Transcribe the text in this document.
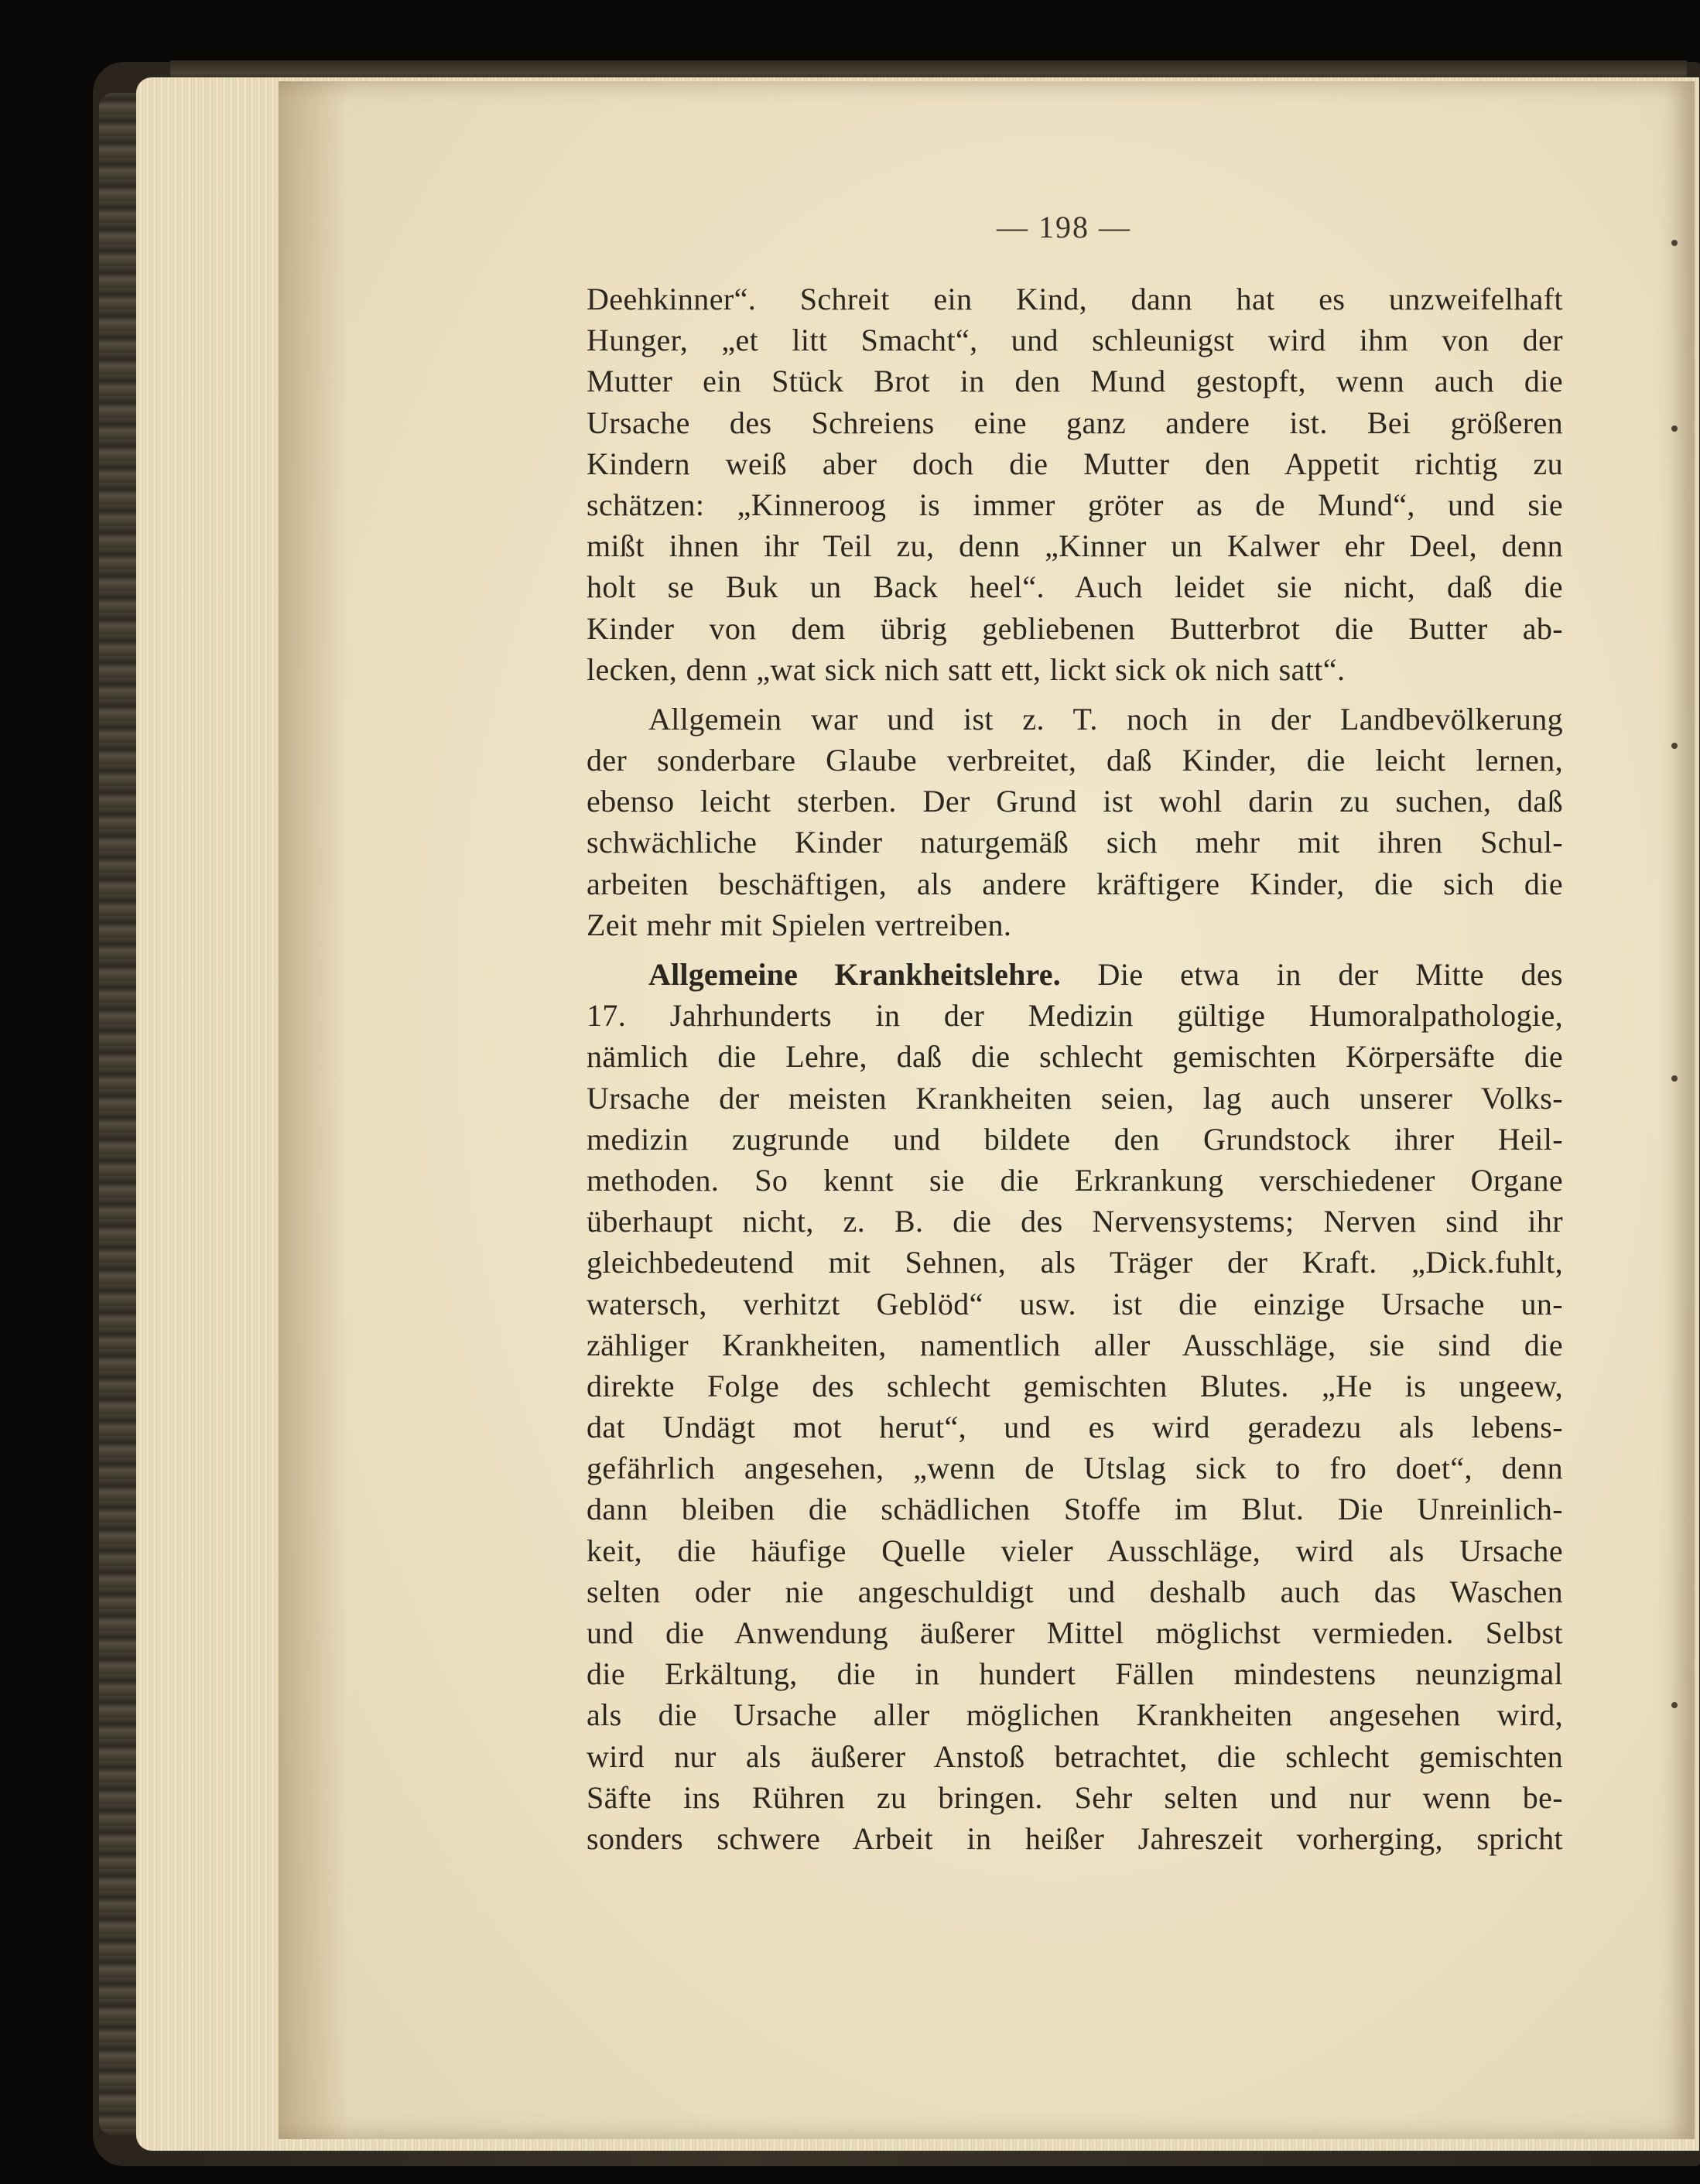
— 198 —
Deehkinner“. Schreit ein Kind, dann hat es unzweifelhaft
Hunger, „et litt Smacht“, und schleunigst wird ihm von der
Mutter ein Stück Brot in den Mund gestopft, wenn auch die
Ursache des Schreiens eine ganz andere ist. Bei größeren
Kindern weiß aber doch die Mutter den Appetit richtig zu
schätzen: „Kinneroog is immer gröter as de Mund“, und sie
mißt ihnen ihr Teil zu, denn „Kinner un Kalwer ehr Deel, denn
holt se Buk un Back heel“. Auch leidet sie nicht, daß die
Kinder von dem übrig gebliebenen Butterbrot die Butter ab-
lecken, denn „wat sick nich satt ett, lickt sick ok nich satt“.
Allgemein war und ist z. T. noch in der Landbevölkerung
der sonderbare Glaube verbreitet, daß Kinder, die leicht lernen,
ebenso leicht sterben. Der Grund ist wohl darin zu suchen, daß
schwächliche Kinder naturgemäß sich mehr mit ihren Schul-
arbeiten beschäftigen, als andere kräftigere Kinder, die sich die
Zeit mehr mit Spielen vertreiben.
Allgemeine Krankheitslehre. Die etwa in der Mitte des
17. Jahrhunderts in der Medizin gültige Humoralpathologie,
nämlich die Lehre, daß die schlecht gemischten Körpersäfte die
Ursache der meisten Krankheiten seien, lag auch unserer Volks-
medizin zugrunde und bildete den Grundstock ihrer Heil-
methoden. So kennt sie die Erkrankung verschiedener Organe
überhaupt nicht, z. B. die des Nervensystems; Nerven sind ihr
gleichbedeutend mit Sehnen, als Träger der Kraft. „Dick.fuhlt,
watersch, verhitzt Geblöd“ usw. ist die einzige Ursache un-
zähliger Krankheiten, namentlich aller Ausschläge, sie sind die
direkte Folge des schlecht gemischten Blutes. „He is ungeew,
dat Undägt mot herut“, und es wird geradezu als lebens-
gefährlich angesehen, „wenn de Utslag sick to fro doet“, denn
dann bleiben die schädlichen Stoffe im Blut. Die Unreinlich-
keit, die häufige Quelle vieler Ausschläge, wird als Ursache
selten oder nie angeschuldigt und deshalb auch das Waschen
und die Anwendung äußerer Mittel möglichst vermieden. Selbst
die Erkältung, die in hundert Fällen mindestens neunzigmal
als die Ursache aller möglichen Krankheiten angesehen wird,
wird nur als äußerer Anstoß betrachtet, die schlecht gemischten
Säfte ins Rühren zu bringen. Sehr selten und nur wenn be-
sonders schwere Arbeit in heißer Jahreszeit vorherging, spricht
